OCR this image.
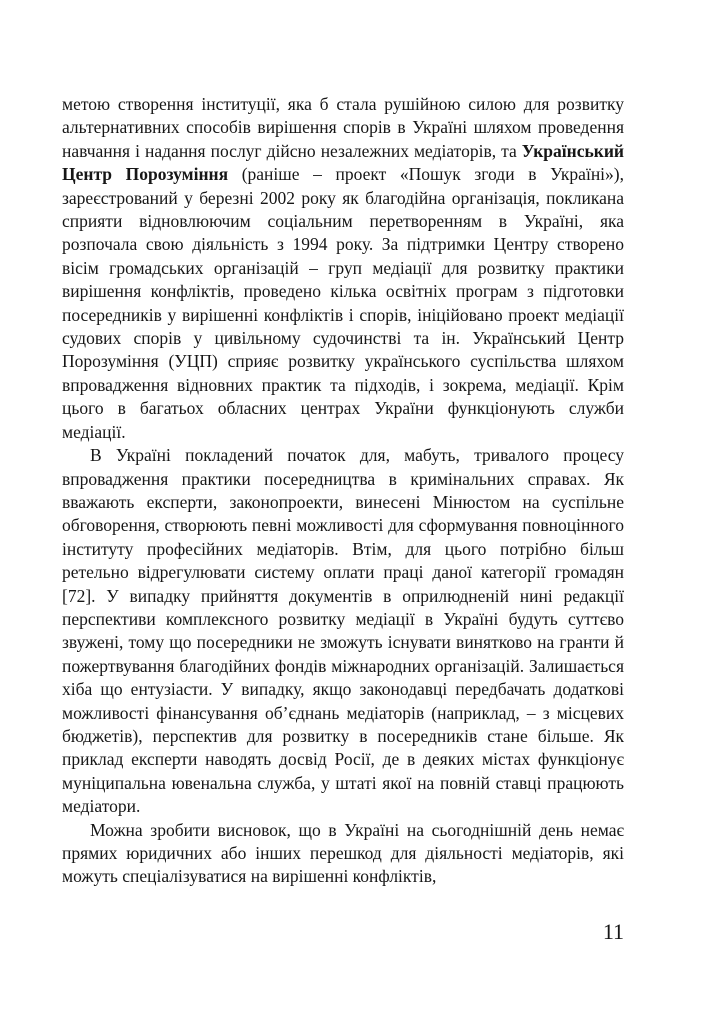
метою створення інституції, яка б стала рушійною силою для розвитку альтернативних способів вирішення спорів в Україні шляхом проведення навчання і надання послуг дійсно незалежних медіаторів, та Український Центр Порозуміння (раніше – проект «Пошук згоди в Україні»), зареєстрований у березні 2002 року як благодійна організація, покликана сприяти відновлюючим соціальним перетворенням в Україні, яка розпочала свою діяльність з 1994 року. За підтримки Центру створено вісім громадських організацій – груп медіації для розвитку практики вирішення конфліктів, проведено кілька освітніх програм з підготовки посередників у вирішенні конфліктів і спорів, ініційовано проект медіації судових спорів у цивільному судочинстві та ін. Український Центр Порозуміння (УЦП) сприяє розвитку українського суспільства шляхом впровадження відновних практик та підходів, і зокрема, медіації. Крім цього в багатьох обласних центрах України функціонують служби медіації.

В Україні покладений початок для, мабуть, тривалого процесу впровадження практики посередництва в кримінальних справах. Як вважають експерти, законопроекти, винесені Мінюстом на суспільне обговорення, створюють певні можливості для сформування повноцінного інституту професійних медіаторів. Втім, для цього потрібно більш ретельно відрегулювати систему оплати праці даної категорії громадян [72]. У випадку прийняття документів в оприлюдненій нині редакції перспективи комплексного розвитку медіації в Україні будуть суттєво звужені, тому що посередники не зможуть існувати винятково на гранти й пожертвування благодійних фондів міжнародних організацій. Залишається хіба що ентузіасти. У випадку, якщо законодавці передбачать додаткові можливості фінансування об’єднань медіаторів (наприклад, – з місцевих бюджетів), перспектив для розвитку в посередників стане більше. Як приклад експерти наводять досвід Росії, де в деяких містах функціонує муніципальна ювенальна служба, у штаті якої на повній ставці працюють медіатори.

Можна зробити висновок, що в Україні на сьогоднішній день немає прямих юридичних або інших перешкод для діяльності медіаторів, які можуть спеціалізуватися на вирішенні конфліктів,

11
